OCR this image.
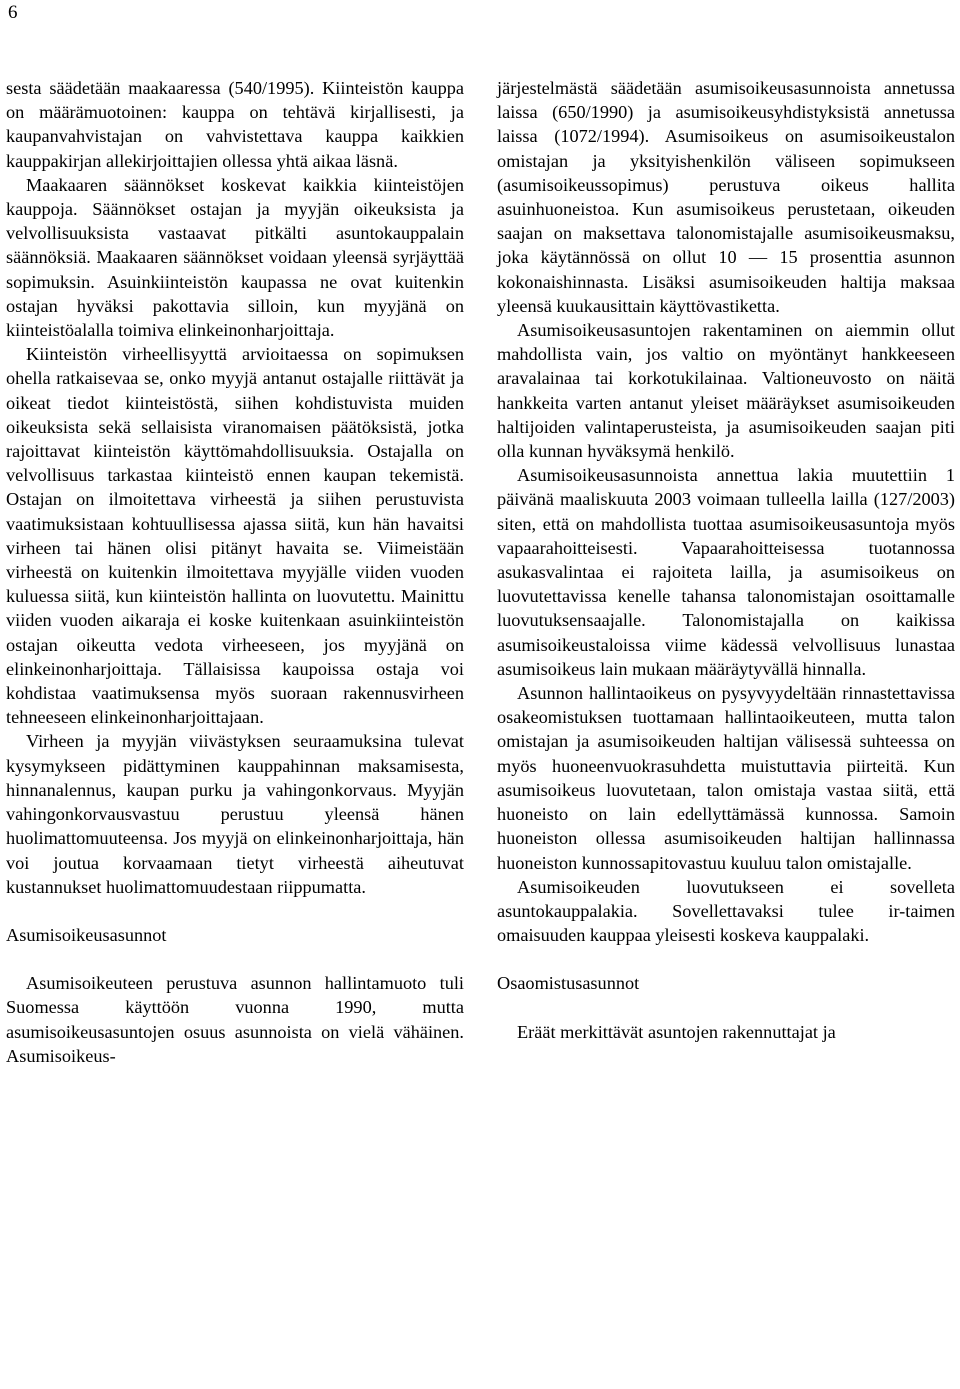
6

sesta säädetään maakaaressa (540/1995). Kiinteistön kauppa on määrämuotoinen: kauppa on tehtävä kirjallisesti, ja kaupanvahvistajan on vahvistettava kauppa kaikkien kauppakirjan allekirjoittajien ollessa yhtä aikaa läsnä.

Maakaaren säännökset koskevat kaikkia kiinteistöjen kauppoja. Säännökset ostajan ja myyjän oikeuksista ja velvollisuuksista vastaavat pitkälti asuntokauppalain säännöksiä. Maakaaren säännökset voidaan yleensä syrjäyttää sopimuksin. Asuinkiinteistön kaupassa ne ovat kuitenkin ostajan hyväksi pakottavia silloin, kun myyjänä on kiinteistöalalla toimiva elinkeinonharjoittaja.

Kiinteistön virheellisyyttä arvioitaessa on sopimuksen ohella ratkaisevaa se, onko myyjä antanut ostajalle riittävät ja oikeat tiedot kiinteistöstä, siihen kohdistuvista muiden oikeuksista sekä sellaisista viranomaisen päätöksistä, jotka rajoittavat kiinteistön käyttömahdollisuuksia. Ostajalla on velvollisuus tarkastaa kiinteistö ennen kaupan tekemistä. Ostajan on ilmoitettava virheestä ja siihen perustuvista vaatimuksistaan kohtuullisessa ajassa siitä, kun hän havaitsi virheen tai hänen olisi pitänyt havaita se. Viimeistään virheestä on kuitenkin ilmoitettava myyjälle viiden vuoden kuluessa siitä, kun kiinteistön hallinta on luovutettu. Mainittu viiden vuoden aikaraja ei koske kuitenkaan asuinkiinteistön ostajan oikeutta vedota virheeseen, jos myyjänä on elinkeinonharjoittaja. Tällaisissa kaupoissa ostaja voi kohdistaa vaatimuksensa myös suoraan rakennusvirheen tehneeseen elinkeinonharjoittajaan.

Virheen ja myyjän viivästyksen seuraamuksina tulevat kysymykseen pidättyminen kauppahinnan maksamisesta, hinnanalennus, kaupan purku ja vahingonkorvaus. Myyjän vahingonkorvausvastuu perustuu yleensä hänen huolimattomuuteensa. Jos myyjä on elinkeinonharjoittaja, hän voi joutua korvaamaan tietyt virheestä aiheutuvat kustannukset huolimattomuudestaan riippumatta.

Asumisoikeusasunnot

Asumisoikeuteen perustuva asunnon hallintamuoto tuli Suomessa käyttöön vuonna 1990, mutta asumisoikeusasuntojen osuus asunnoista on vielä vähäinen. Asumisoikeus-

järjestelmästä säädetään asumisoikeusasunnoista annetussa laissa (650/1990) ja asumisoikeusyhdistyksistä annetussa laissa (1072/1994). Asumisoikeus on asumisoikeustalon omistajan ja yksityishenkilön väliseen sopimukseen (asumisoikeussopimus) perustuva oikeus hallita asuinhuoneistoa. Kun asumisoikeus perustetaan, oikeuden saajan on maksettava talonomistajalle asumisoikeusmaksu, joka käytännössä on ollut 10 — 15 prosenttia asunnon kokonaishinnasta. Lisäksi asumisoikeuden haltija maksaa yleensä kuukausittain käyttövastiketta.

Asumisoikeusasuntojen rakentaminen on aiemmin ollut mahdollista vain, jos valtio on myöntänyt hankkeeseen aravalainaa tai korkotukilainaa. Valtioneuvosto on näitä hankkeita varten antanut yleiset määräykset asumisoikeuden haltijoiden valintaperusteista, ja asumisoikeuden saajan piti olla kunnan hyväksymä henkilö.

Asumisoikeusasunnoista annettua lakia muutettiin 1 päivänä maaliskuuta 2003 voimaan tulleella lailla (127/2003) siten, että on mahdollista tuottaa asumisoikeusasuntoja myös vapaarahoitteisesti. Vapaarahoitteisessa tuotannossa asukasvalintaa ei rajoiteta lailla, ja asumisoikeus on luovutettavissa kenelle tahansa talonomistajan osoittamalle luovutuksensaajalle. Talonomistajalla on kaikissa asumisoikeustaloissa viime kädessä velvollisuus lunastaa asumisoikeus lain mukaan määräytyvällä hinnalla.

Asunnon hallintaoikeus on pysyvyydeltään rinnastettavissa osakeomistuksen tuottamaan hallintaoikeuteen, mutta talon omistajan ja asumisoikeuden haltijan välisessä suhteessa on myös huoneenvuokrasuhdetta muistuttavia piirteitä. Kun asumisoikeus luovutetaan, talon omistaja vastaa siitä, että huoneisto on lain edellyttämässä kunnossa. Samoin huoneiston ollessa asumisoikeuden haltijan hallinnassa huoneiston kunnossapitovastuu kuuluu talon omistajalle.

Asumisoikeuden luovutukseen ei sovelleta asuntokauppalakia. Sovellettavaksi tulee ir-taimen omaisuuden kauppaa yleisesti koskeva kauppalaki.

Osaomistusasunnot

Eräät merkittävät asuntojen rakennuttajat ja
